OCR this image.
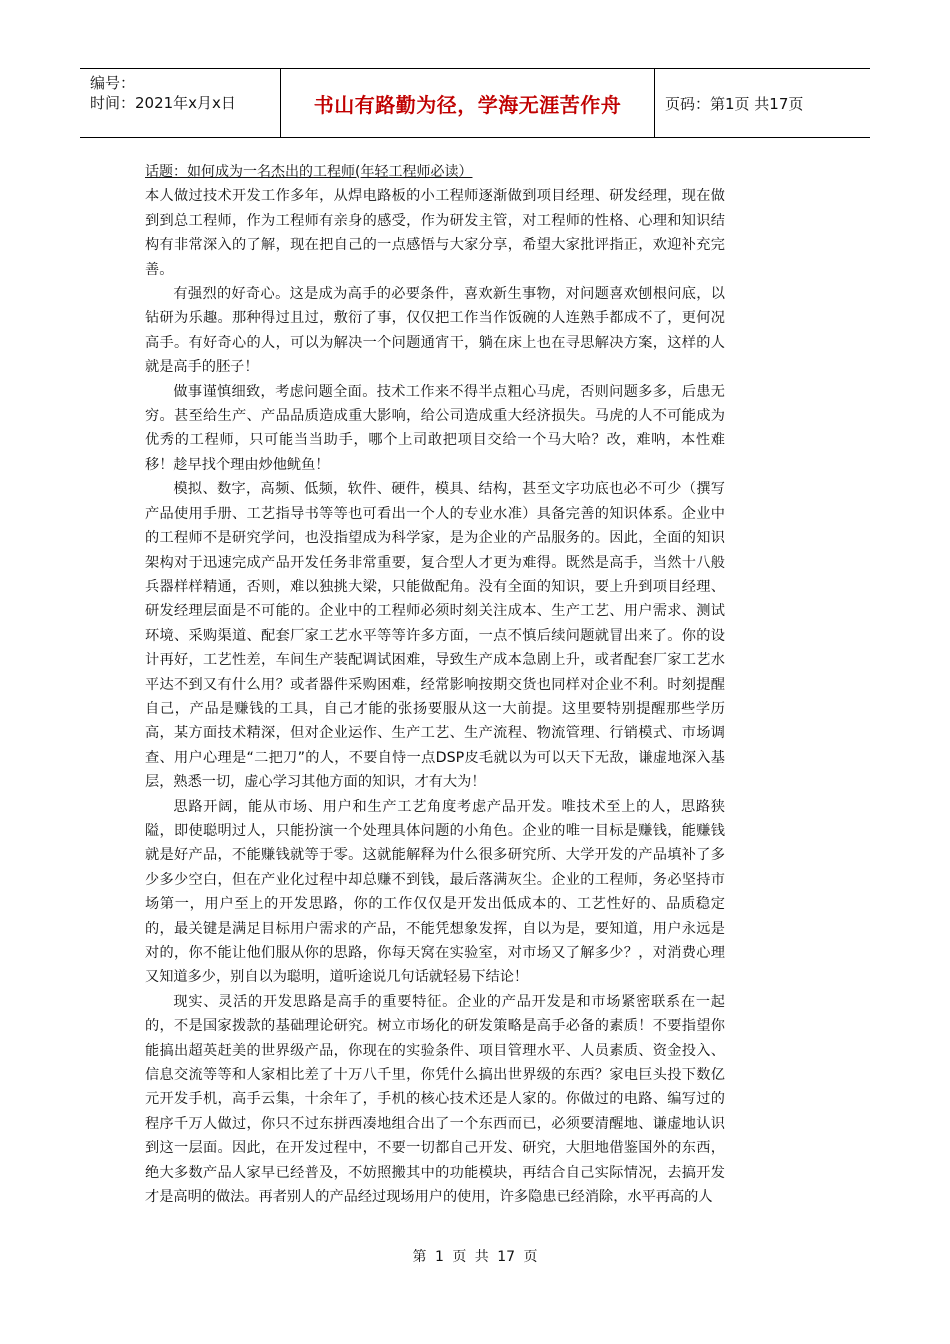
编号：
时间：2021年x月x日	书山有路勤为径，学海无涯苦作舟	页码：第1页 共17页

话题：如何成为一名杰出的工程师(年轻工程师必读）

本人做过技术开发工作多年，从焊电路板的小工程师逐渐做到项目经理、研发经理，现在做到到总工程师，作为工程师有亲身的感受，作为研发主管，对工程师的性格、心理和知识结构有非常深入的了解，现在把自己的一点感悟与大家分享，希望大家批评指正，欢迎补充完善。

有强烈的好奇心。这是成为高手的必要条件，喜欢新生事物，对问题喜欢刨根问底，以钻研为乐趣。那种得过且过，敷衍了事，仅仅把工作当作饭碗的人连熟手都成不了，更何况高手。有好奇心的人，可以为解决一个问题通宵干，躺在床上也在寻思解决方案，这样的人就是高手的胚子！

做事谨慎细致，考虑问题全面。技术工作来不得半点粗心马虎，否则问题多多，后患无穷。甚至给生产、产品品质造成重大影响，给公司造成重大经济损失。马虎的人不可能成为优秀的工程师，只可能当当助手，哪个上司敢把项目交给一个马大哈？改，难呐，本性难移！趁早找个理由炒他鱿鱼！

模拟、数字，高频、低频，软件、硬件，模具、结构，甚至文字功底也必不可少（撰写产品使用手册、工艺指导书等等也可看出一个人的专业水准）具备完善的知识体系。企业中的工程师不是研究学问，也没指望成为科学家，是为企业的产品服务的。因此，全面的知识架构对于迅速完成产品开发任务非常重要，复合型人才更为难得。既然是高手，当然十八般兵器样样精通，否则，难以独挑大梁，只能做配角。没有全面的知识，要上升到项目经理、研发经理层面是不可能的。企业中的工程师必须时刻关注成本、生产工艺、用户需求、测试环境、采购渠道、配套厂家工艺水平等等许多方面，一点不慎后续问题就冒出来了。你的设计再好，工艺性差，车间生产装配调试困难，导致生产成本急剧上升，或者配套厂家工艺水平达不到又有什么用？或者器件采购困难，经常影响按期交货也同样对企业不利。时刻提醒自己，产品是赚钱的工具，自己才能的张扬要服从这一大前提。这里要特别提醒那些学历高，某方面技术精深，但对企业运作、生产工艺、生产流程、物流管理、行销模式、市场调查、用户心理是“二把刀”的人，不要自恃一点DSP皮毛就以为可以天下无敌，谦虚地深入基层，熟悉一切，虚心学习其他方面的知识，才有大为！

思路开阔，能从市场、用户和生产工艺角度考虑产品开发。唯技术至上的人，思路狭隘，即使聪明过人，只能扮演一个处理具体问题的小角色。企业的唯一目标是赚钱，能赚钱就是好产品，不能赚钱就等于零。这就能解释为什么很多研究所、大学开发的产品填补了多少多少空白，但在产业化过程中却总赚不到钱，最后落满灰尘。企业的工程师，务必坚持市场第一，用户至上的开发思路，你的工作仅仅是开发出低成本的、工艺性好的、品质稳定的，最关键是满足目标用户需求的产品，不能凭想象发挥，自以为是，要知道，用户永远是对的，你不能让他们服从你的思路，你每天窝在实验室，对市场又了解多少？，对消费心理又知道多少，别自以为聪明，道听途说几句话就轻易下结论！

现实、灵活的开发思路是高手的重要特征。企业的产品开发是和市场紧密联系在一起的，不是国家拨款的基础理论研究。树立市场化的研发策略是高手必备的素质！不要指望你能搞出超英赶美的世界级产品，你现在的实验条件、项目管理水平、人员素质、资金投入、信息交流等等和人家相比差了十万八千里，你凭什么搞出世界级的东西？家电巨头投下数亿元开发手机，高手云集，十余年了，手机的核心技术还是人家的。你做过的电路、编写过的程序千万人做过，你只不过东拼西凑地组合出了一个东西而已，必须要清醒地、谦虚地认识到这一层面。因此，在开发过程中，不要一切都自己开发、研究，大胆地借鉴国外的东西，绝大多数产品人家早已经普及，不妨照搬其中的功能模块，再结合自己实际情况，去搞开发才是高明的做法。再者别人的产品经过现场用户的使用，许多隐患已经消除，水平再高的人

第 1 页 共 17 页
